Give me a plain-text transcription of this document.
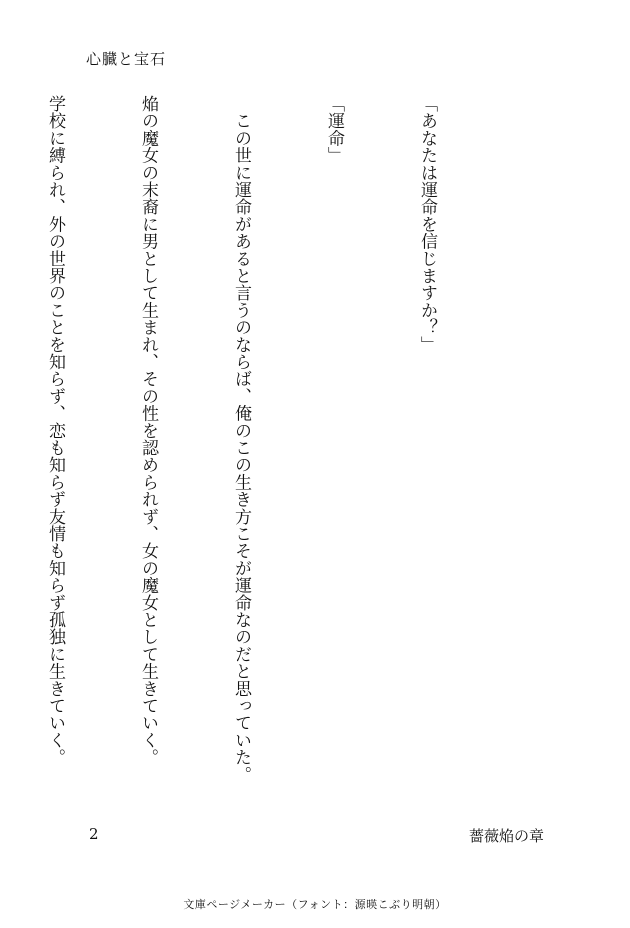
心臓と宝石

「あなたは運命を信じますか？」

「運命」

　この世に運命があると言うのならば、俺のこの生き方こそが運命なのだと思っていた。

焔の魔女の末裔に男として生まれ、その性を認められず、女の魔女として生きていく。

学校に縛られ、外の世界のことを知らず、恋も知らず友情も知らず孤独に生きていく。

2	薔薇焔の章
文庫ページメーカー（フォント：源暎こぶり明朝）
